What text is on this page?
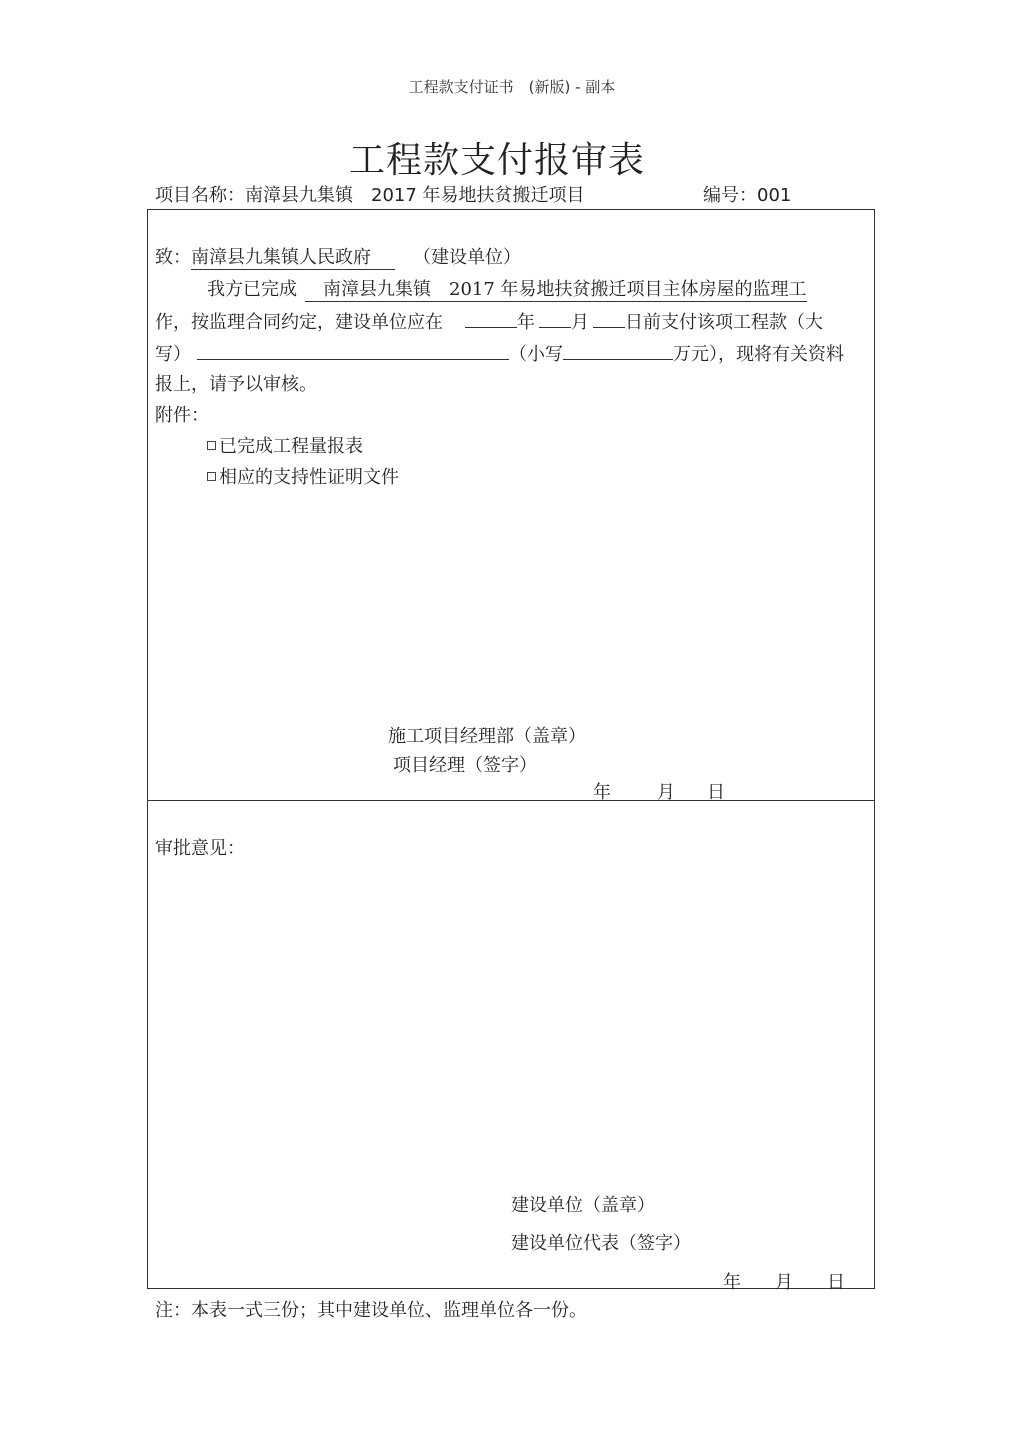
工程款支付证书　(新版) - 副本
工程款支付报审表
项目名称：南漳县九集镇　2017 年易地扶贫搬迁项目	编号：001
致：南漳县九集镇人民政府 （建设单位）
我方已完成 南漳县九集镇　2017 年易地扶贫搬迁项目主体房屋的监理工
作，按监理合同约定，建设单位应在	年 月 日前支付该项工程款（大
写）	（小写	万元），现将有关资料
报上，请予以审核。
附件：
已完成工程量报表
相应的支持性证明文件
施工项目经理部（盖章）
项目经理（签字）
年	月 日
审批意见：
建设单位（盖章）
建设单位代表（签字）
年 月 日
注：本表一式三份；其中建设单位、监理单位各一份。
